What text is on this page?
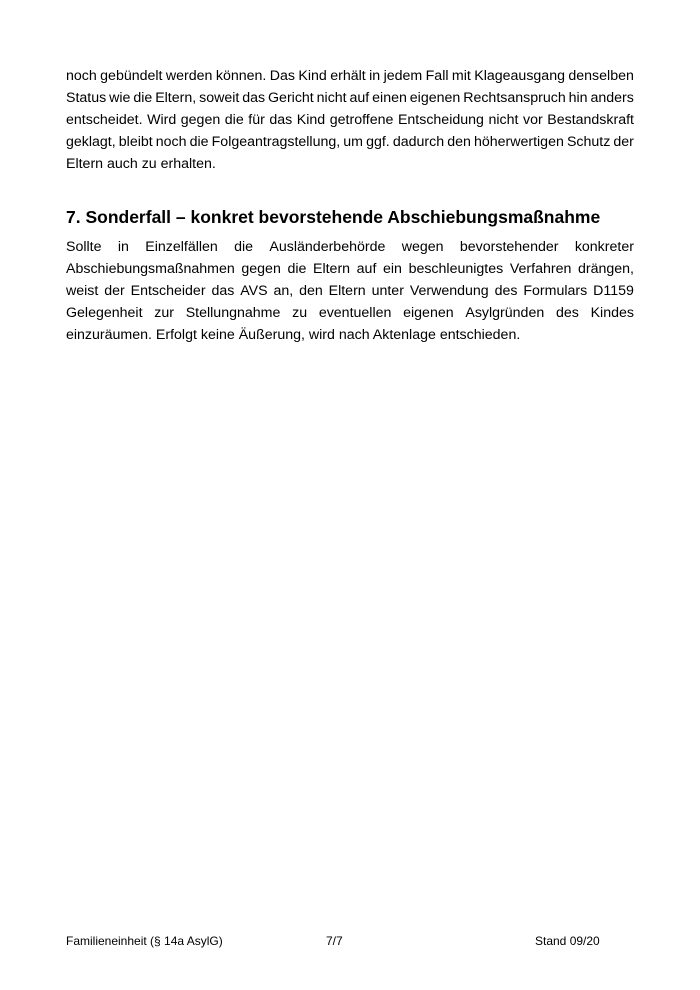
noch gebündelt werden können. Das Kind erhält in jedem Fall mit Klageausgang denselben
Status wie die Eltern, soweit das Gericht nicht auf einen eigenen Rechtsanspruch hin anders
entscheidet. Wird gegen die für das Kind getroffene Entscheidung nicht vor Bestandskraft
geklagt, bleibt noch die Folgeantragstellung, um ggf. dadurch den höherwertigen Schutz der
Eltern auch zu erhalten.
7. Sonderfall – konkret bevorstehende Abschiebungsmaßnahme
Sollte in Einzelfällen die Ausländerbehörde wegen bevorstehender konkreter
Abschiebungsmaßnahmen gegen die Eltern auf ein beschleunigtes Verfahren drängen,
weist der Entscheider das AVS an, den Eltern unter Verwendung des Formulars D1159
Gelegenheit zur Stellungnahme zu eventuellen eigenen Asylgründen des Kindes
einzuräumen. Erfolgt keine Äußerung, wird nach Aktenlage entschieden.
Familieneinheit (§ 14a AsylG)	7/7	Stand 09/20
